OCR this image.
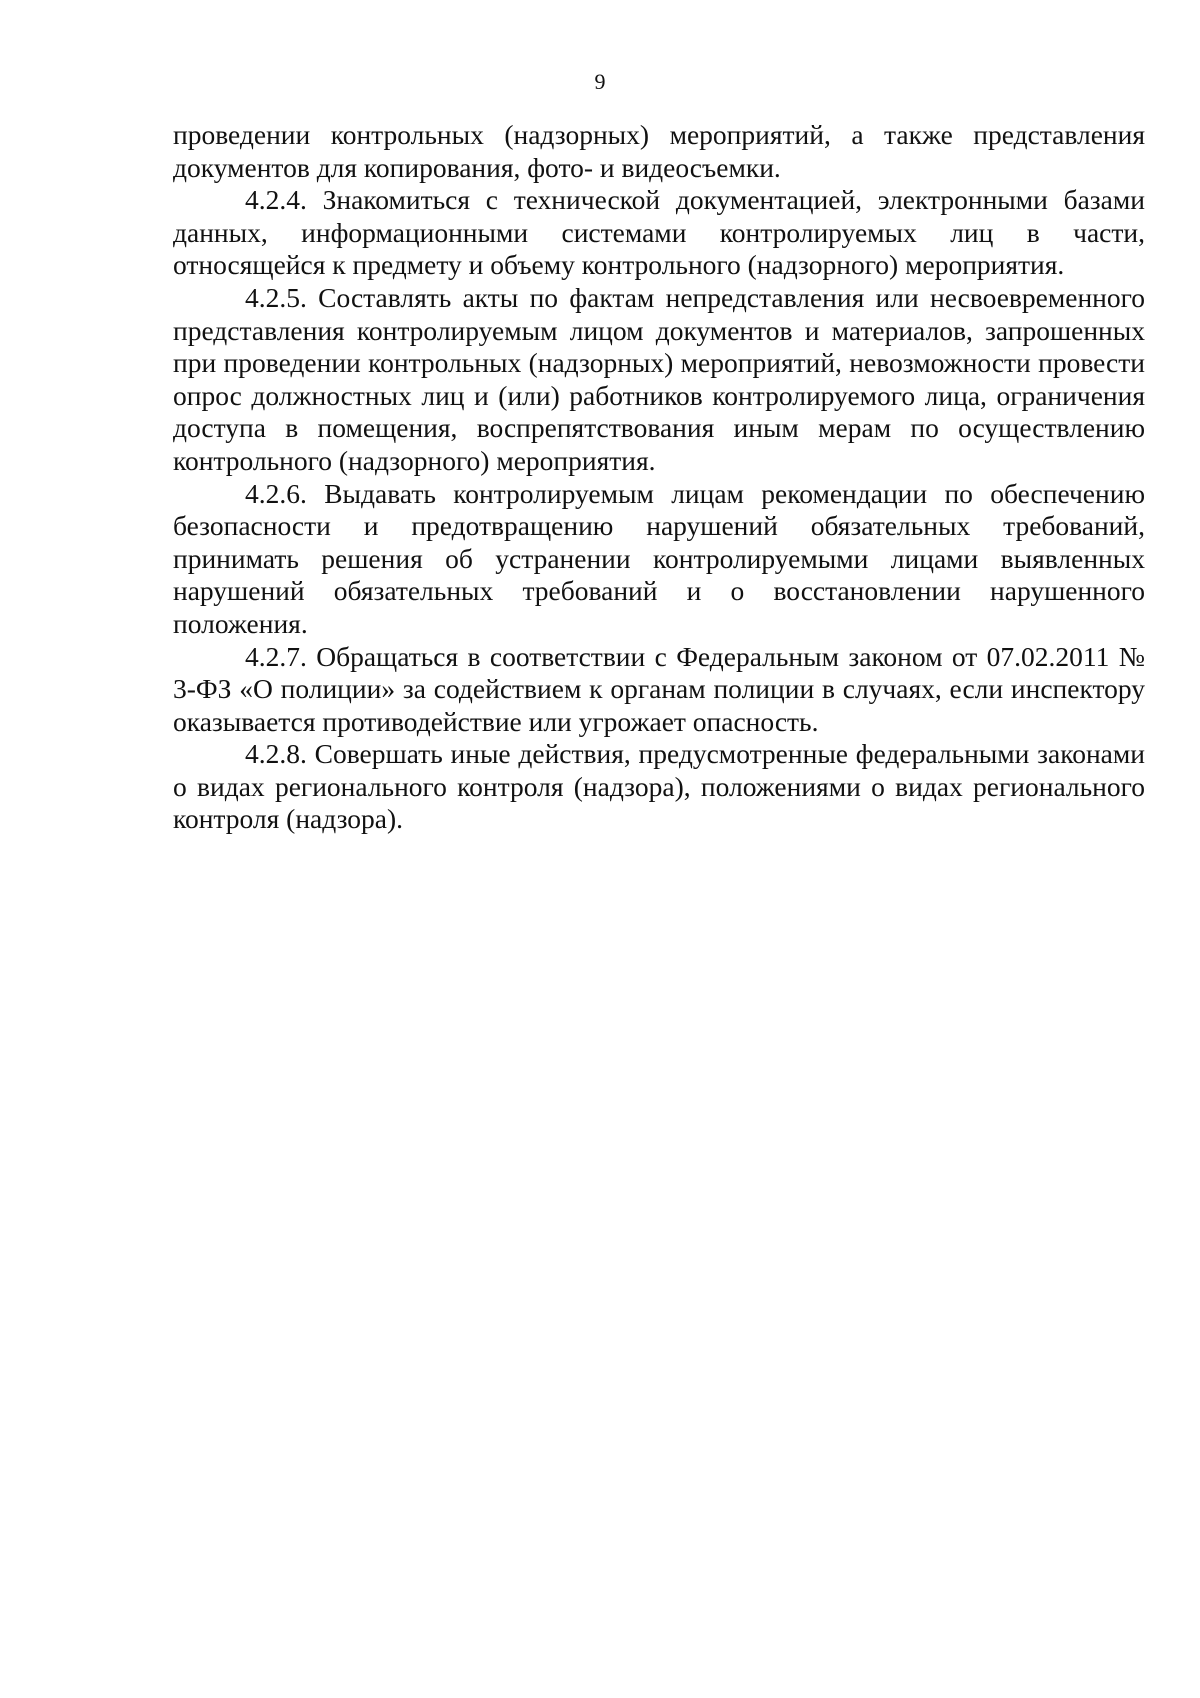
9

проведении контрольных (надзорных) мероприятий, а также представления документов для копирования, фото- и видеосъемки.

4.2.4. Знакомиться с технической документацией, электронными базами данных, информационными системами контролируемых лиц в части, относящейся к предмету и объему контрольного (надзорного) мероприятия.

4.2.5. Составлять акты по фактам непредставления или несвоевременного представления контролируемым лицом документов и материалов, запрошенных при проведении контрольных (надзорных) мероприятий, невозможности провести опрос должностных лиц и (или) работников контролируемого лица, ограничения доступа в помещения, воспрепятствования иным мерам по осуществлению контрольного (надзорного) мероприятия.

4.2.6. Выдавать контролируемым лицам рекомендации по обеспечению безопасности и предотвращению нарушений обязательных требований, принимать решения об устранении контролируемыми лицами выявленных нарушений обязательных требований и о восстановлении нарушенного положения.

4.2.7. Обращаться в соответствии с Федеральным законом от 07.02.2011 № 3-ФЗ «О полиции» за содействием к органам полиции в случаях, если инспектору оказывается противодействие или угрожает опасность.

4.2.8. Совершать иные действия, предусмотренные федеральными законами о видах регионального контроля (надзора), положениями о видах регионального контроля (надзора).
